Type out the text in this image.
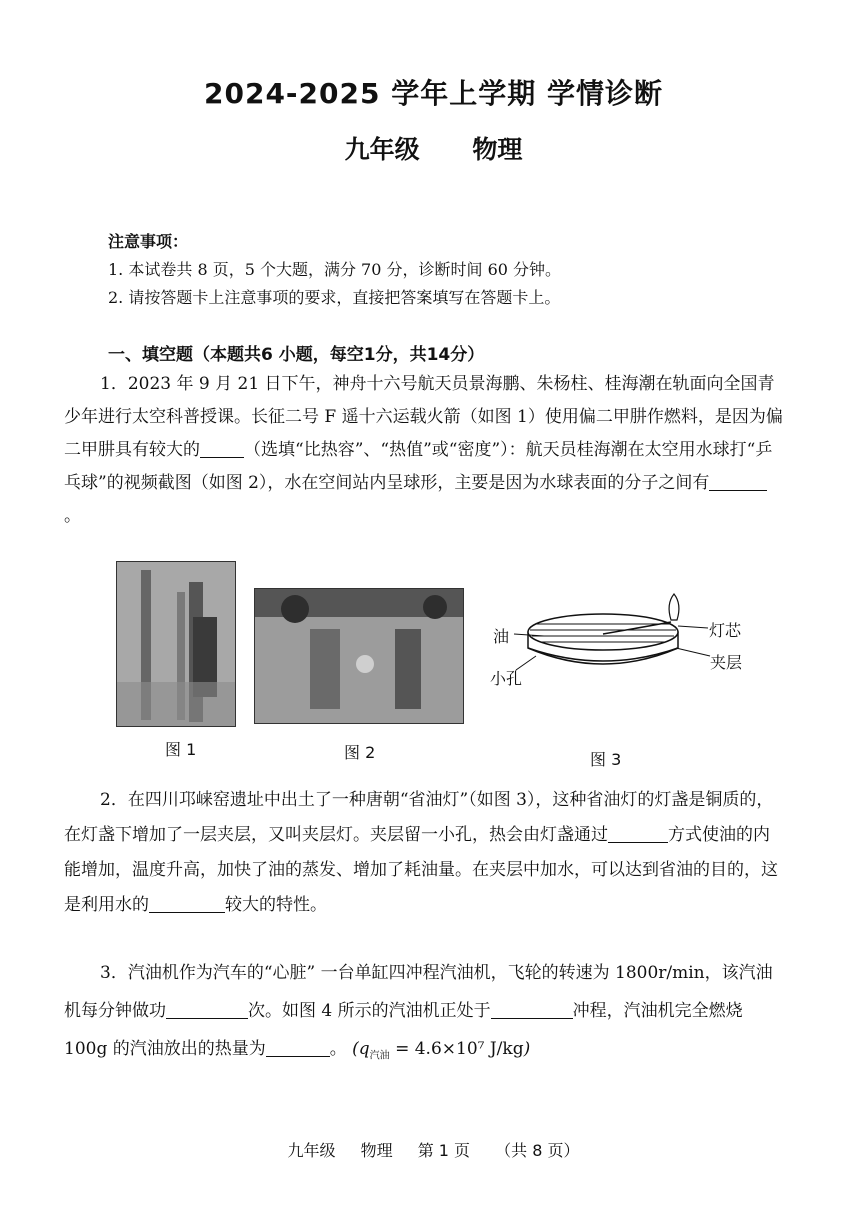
2024-2025 学年上学期 学情诊断
九年级 物理
注意事项：
1. 本试卷共 8 页，5 个大题，满分 70 分，诊断时间 60 分钟。
2. 请按答题卡上注意事项的要求，直接把答案填写在答题卡上。
一、填空题（本题共6 小题，每空1分，共14分）
1．2023 年 9 月 21 日下午，神舟十六号航天员景海鹏、朱杨柱、桂海潮在轨面向全国青少年进行太空科普授课。长征二号 F 遥十六运载火箭（如图 1）使用偏二甲肼作燃料，是因为偏二甲肼具有较大的	（选填“比热容”、“热值”或“密度”）：航天员桂海潮在太空用水球打“乒乓球”的视频截图（如图 2），水在空间站内呈球形，主要是因为水球表面的分子之间有。
图 1	图 2
油	灯芯
夹层
小孔
图 3
2．在四川邛崃窑遗址中出土了一种唐朝“省油灯”（如图 3），这种省油灯的灯盏是铜质的，在灯盏下增加了一层夹层，又叫夹层灯。夹层留一小孔，热会由灯盏通过	方式使油的内能增加，温度升高，加快了油的蒸发、增加了耗油量。在夹层中加水，可以达到省油的目的，这是利用水的	较大的特性。
3．汽油机作为汽车的“心脏” 一台单缸四冲程汽油机，飞轮的转速为 1800r/min，该汽油机每分钟做功	次。如图 4 所示的汽油机正处于	冲程，汽油机完全燃烧 100g 的汽油放出的热量为	。 ($q_{汽油} = 4.6\times 10^7$ J/kg)
九年级 物理 第 1 页 （共 8 页）
